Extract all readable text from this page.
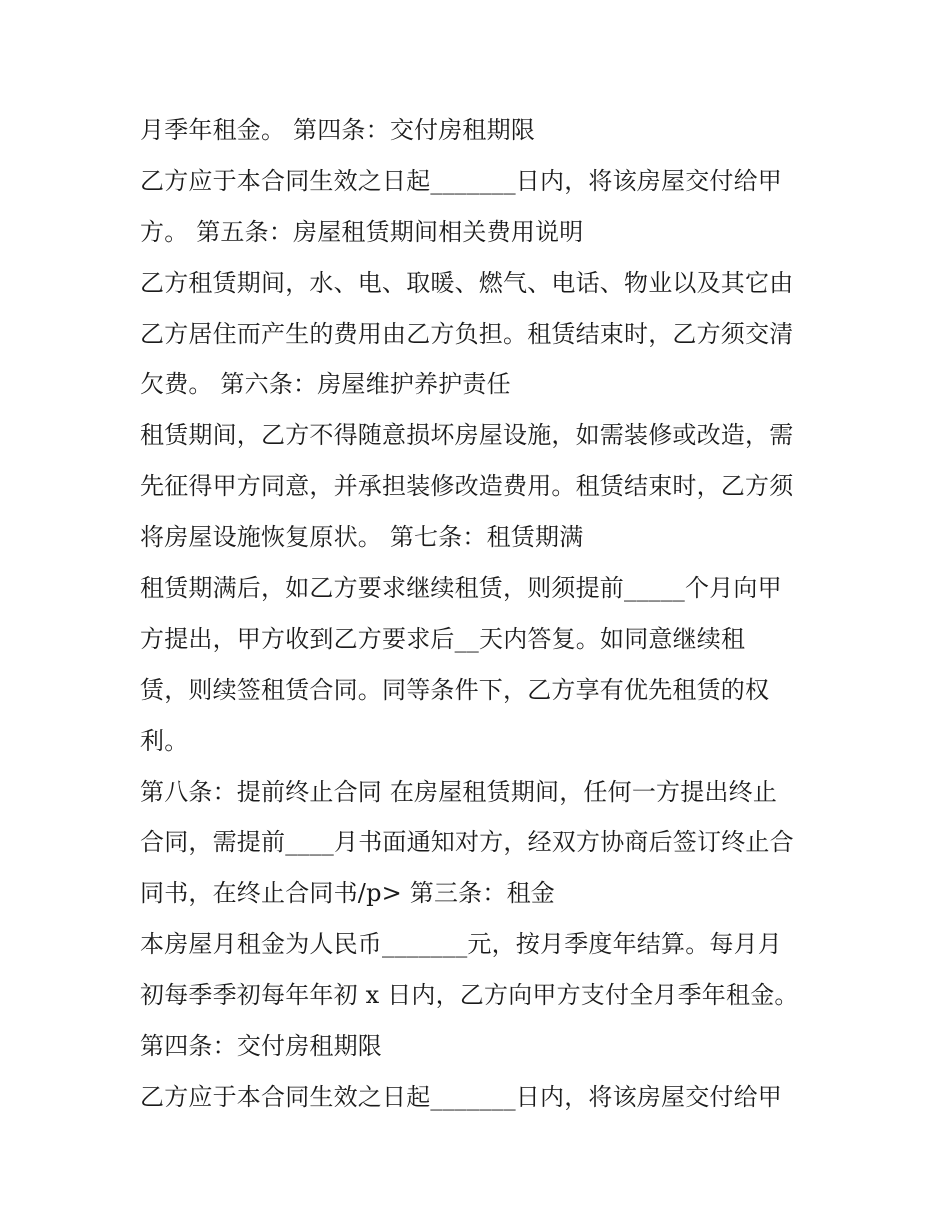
月季年租金。 第四条：交付房租期限
乙方应于本合同生效之日起_______日内，将该房屋交付给甲
方。 第五条：房屋租赁期间相关费用说明
乙方租赁期间，水、电、取暖、燃气、电话、物业以及其它由
乙方居住而产生的费用由乙方负担。租赁结束时，乙方须交清
欠费。 第六条：房屋维护养护责任
租赁期间，乙方不得随意损坏房屋设施，如需装修或改造，需
先征得甲方同意，并承担装修改造费用。租赁结束时，乙方须
将房屋设施恢复原状。 第七条：租赁期满
租赁期满后，如乙方要求继续租赁，则须提前_____个月向甲
方提出，甲方收到乙方要求后__天内答复。如同意继续租
赁，则续签租赁合同。同等条件下，乙方享有优先租赁的权
利。
第八条：提前终止合同 在房屋租赁期间，任何一方提出终止
合同，需提前____月书面通知对方，经双方协商后签订终止合
同书，在终止合同书/p> 第三条：租金
本房屋月租金为人民币_______元，按月季度年结算。每月月
初每季季初每年年初 x 日内，乙方向甲方支付全月季年租金。
第四条：交付房租期限
乙方应于本合同生效之日起_______日内，将该房屋交付给甲
